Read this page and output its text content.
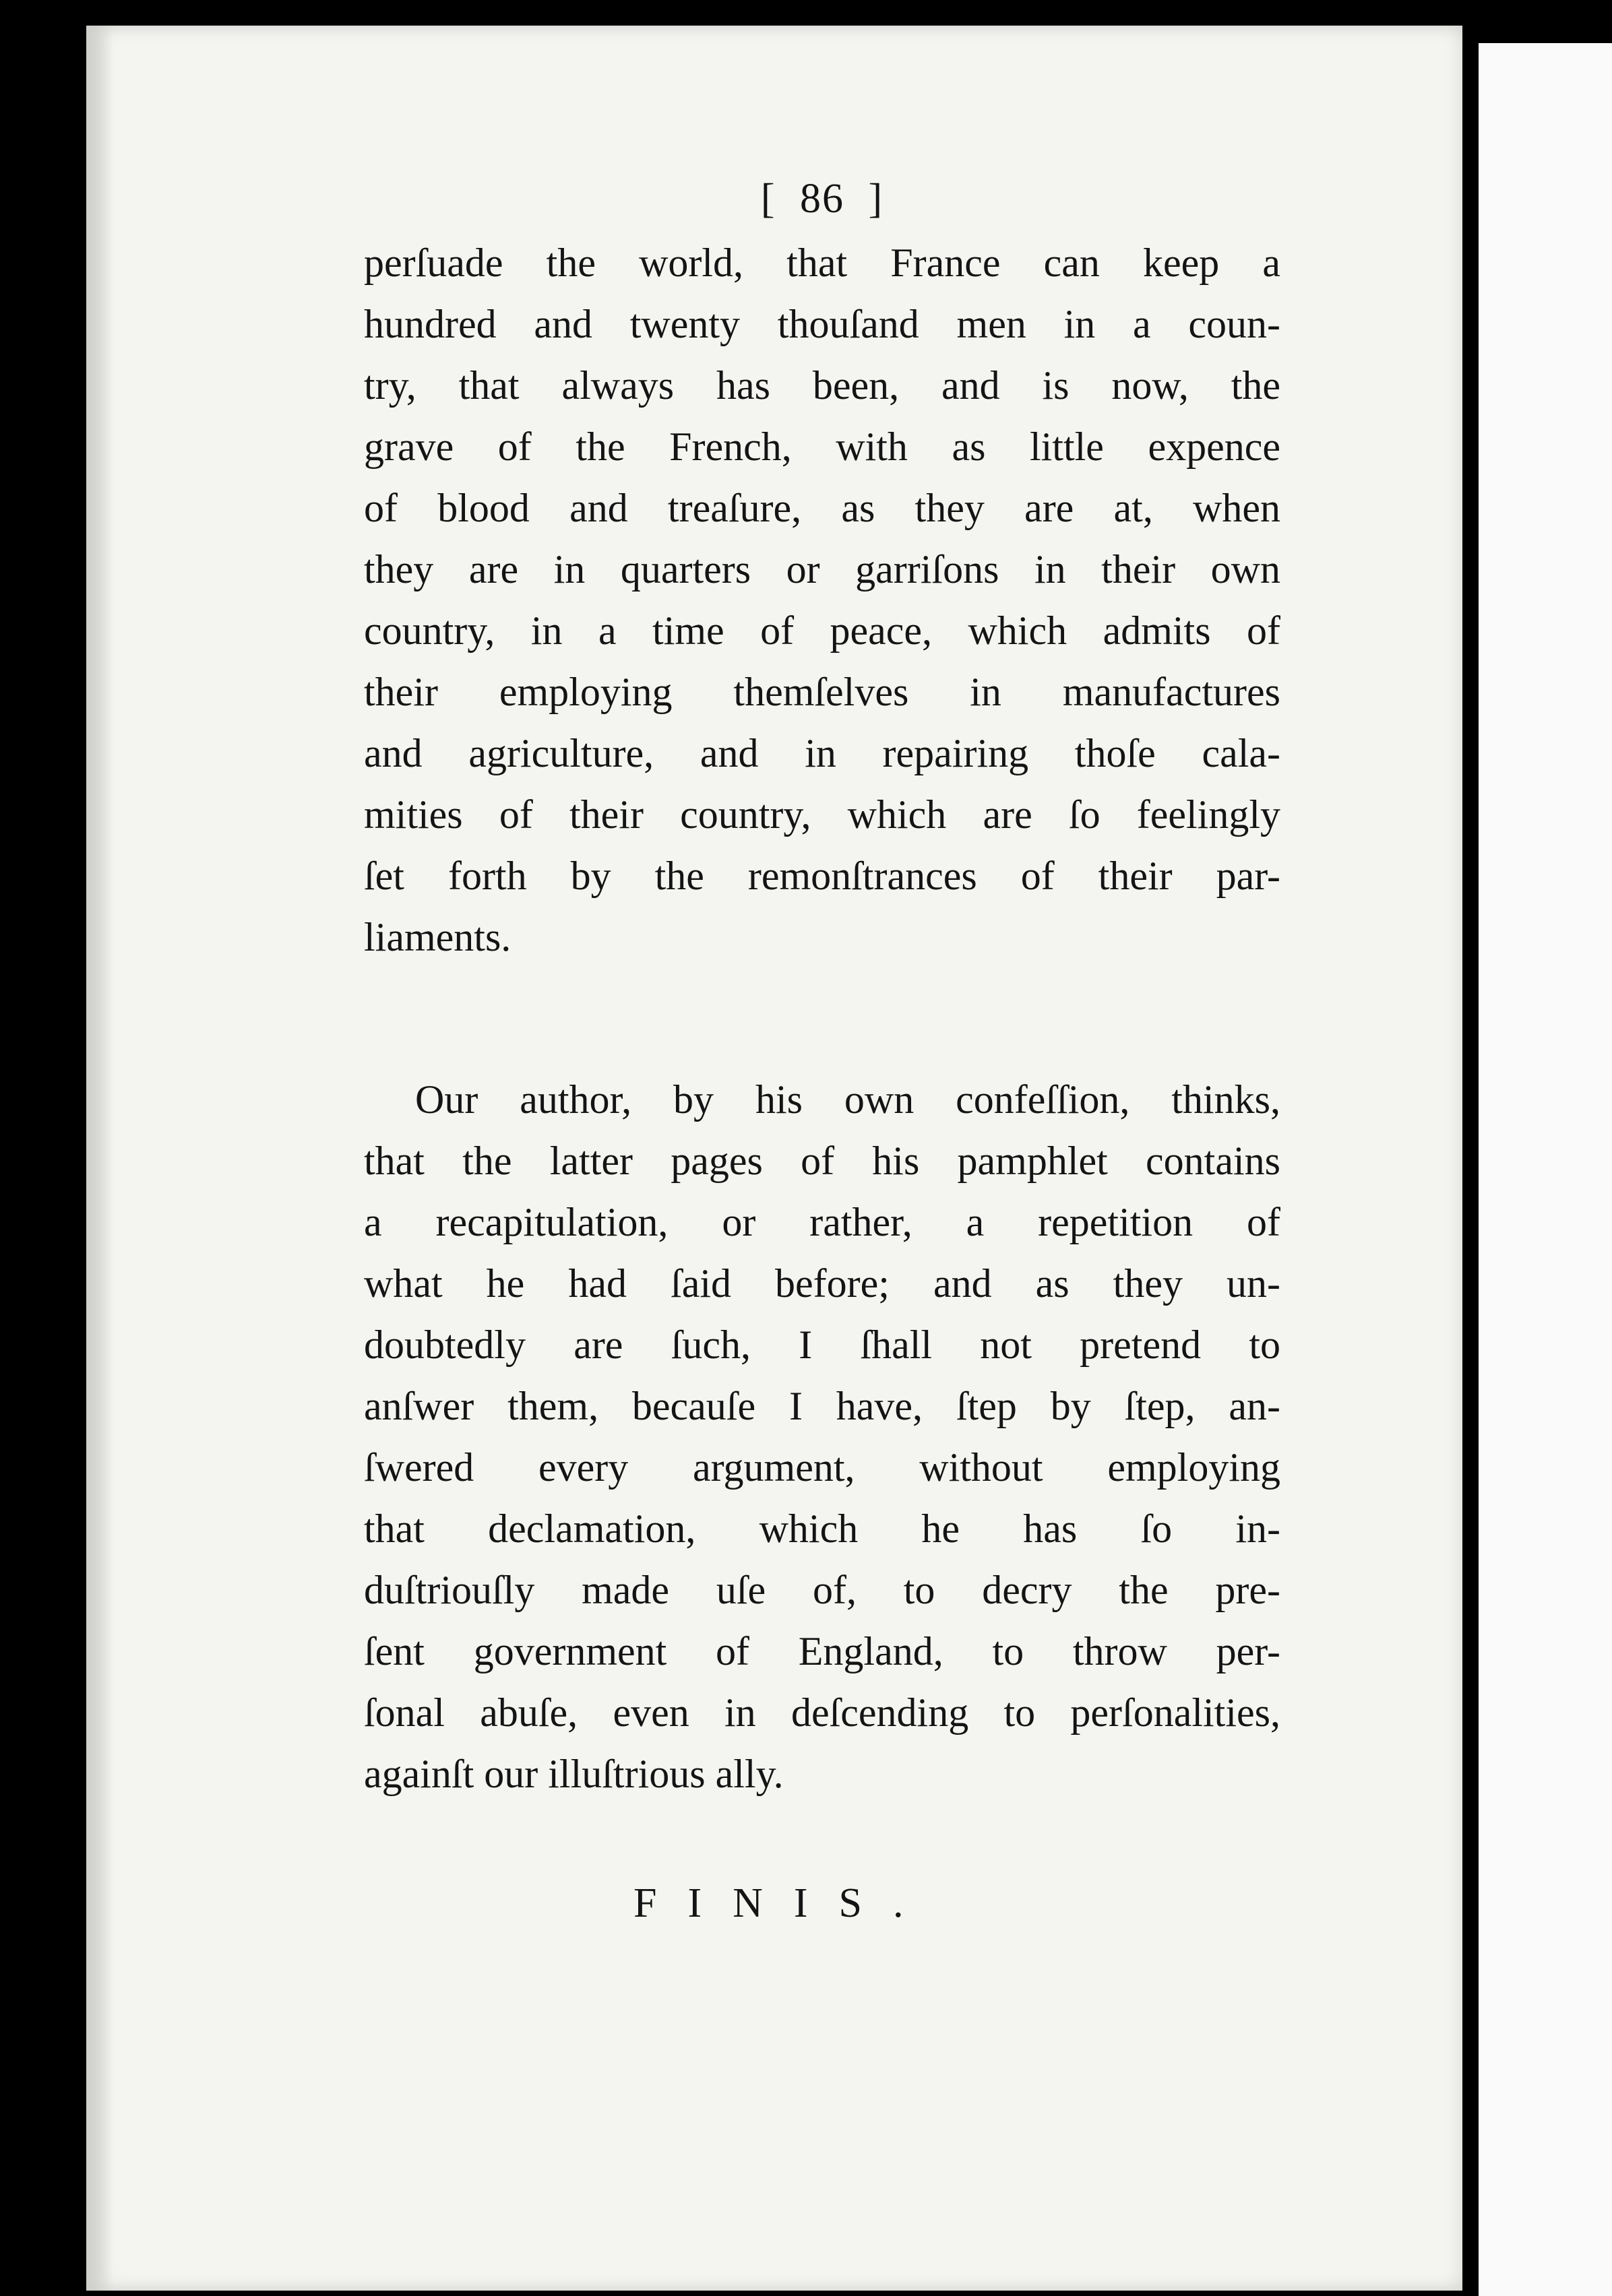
[ 86 ]
perſuade the world, that France can keep a
hundred and twenty thouſand men in a coun-
try, that always has been, and is now, the
grave of the French, with as little expence
of blood and treaſure, as they are at, when
they are in quarters or garriſons in their own
country, in a time of peace, which admits of
their employing themſelves in manufactures
and agriculture, and in repairing thoſe cala-
mities of their country, which are ſo feelingly
ſet forth by the remonſtrances of their par-
liaments.
Our author, by his own confeſſion, thinks,
that the latter pages of his pamphlet contains
a recapitulation, or rather, a repetition of
what he had ſaid before; and as they un-
doubtedly are ſuch, I ſhall not pretend to
anſwer them, becauſe I have, ſtep by ſtep, an-
ſwered every argument, without employing
that declamation, which he has ſo in-
duſtriouſly made uſe of, to decry the pre-
ſent government of England, to throw per-
ſonal abuſe, even in deſcending to perſonalities,
againſt our illuſtrious ally.
FINIS.
